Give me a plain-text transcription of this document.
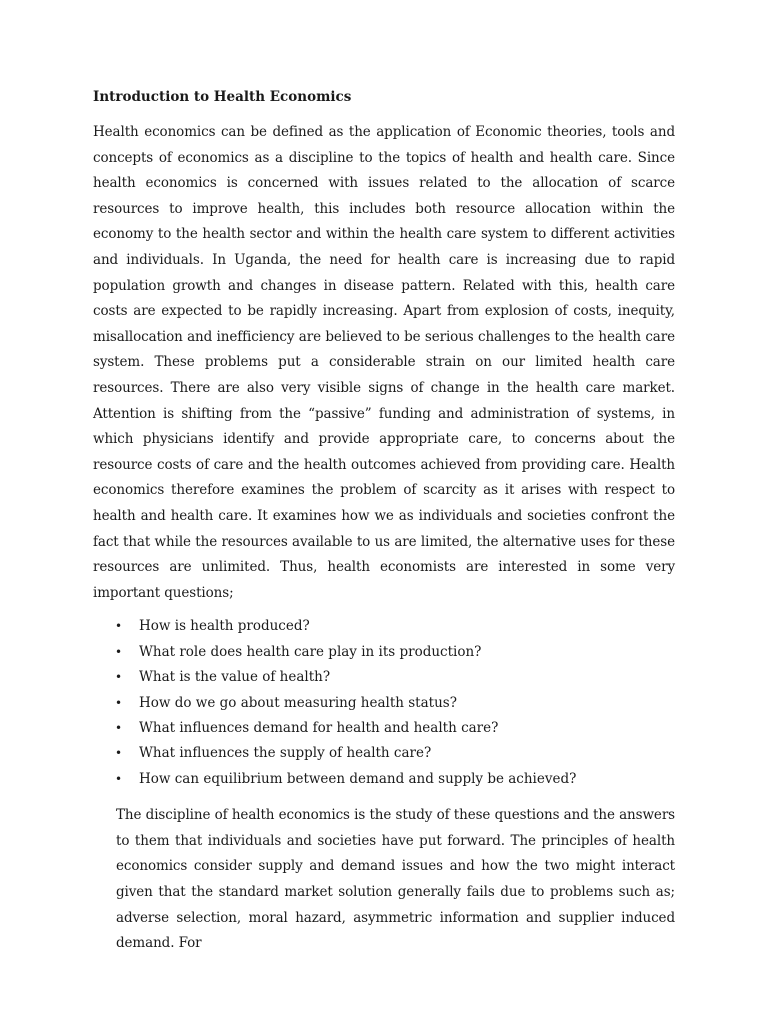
Introduction to Health Economics

Health economics can be defined as the application of Economic theories, tools and concepts of economics as a discipline to the topics of health and health care. Since health economics is concerned with issues related to the allocation of scarce resources to improve health, this includes both resource allocation within the economy to the health sector and within the health care system to different activities and individuals. In Uganda, the need for health care is increasing due to rapid population growth and changes in disease pattern. Related with this, health care costs are expected to be rapidly increasing. Apart from explosion of costs, inequity, misallocation and inefficiency are believed to be serious challenges to the health care system. These problems put a considerable strain on our limited health care resources. There are also very visible signs of change in the health care market. Attention is shifting from the “passive” funding and administration of systems, in which physicians identify and provide appropriate care, to concerns about the resource costs of care and the health outcomes achieved from providing care. Health economics therefore examines the problem of scarcity as it arises with respect to health and health care. It examines how we as individuals and societies confront the fact that while the resources available to us are limited, the alternative uses for these resources are unlimited. Thus, health economists are interested in some very important questions;

• How is health produced?
• What role does health care play in its production?
• What is the value of health?
• How do we go about measuring health status?
• What influences demand for health and health care?
• What influences the supply of health care?
• How can equilibrium between demand and supply be achieved?

The discipline of health economics is the study of these questions and the answers to them that individuals and societies have put forward. The principles of health economics consider supply and demand issues and how the two might interact given that the standard market solution generally fails due to problems such as; adverse selection, moral hazard, asymmetric information and supplier induced demand. For
